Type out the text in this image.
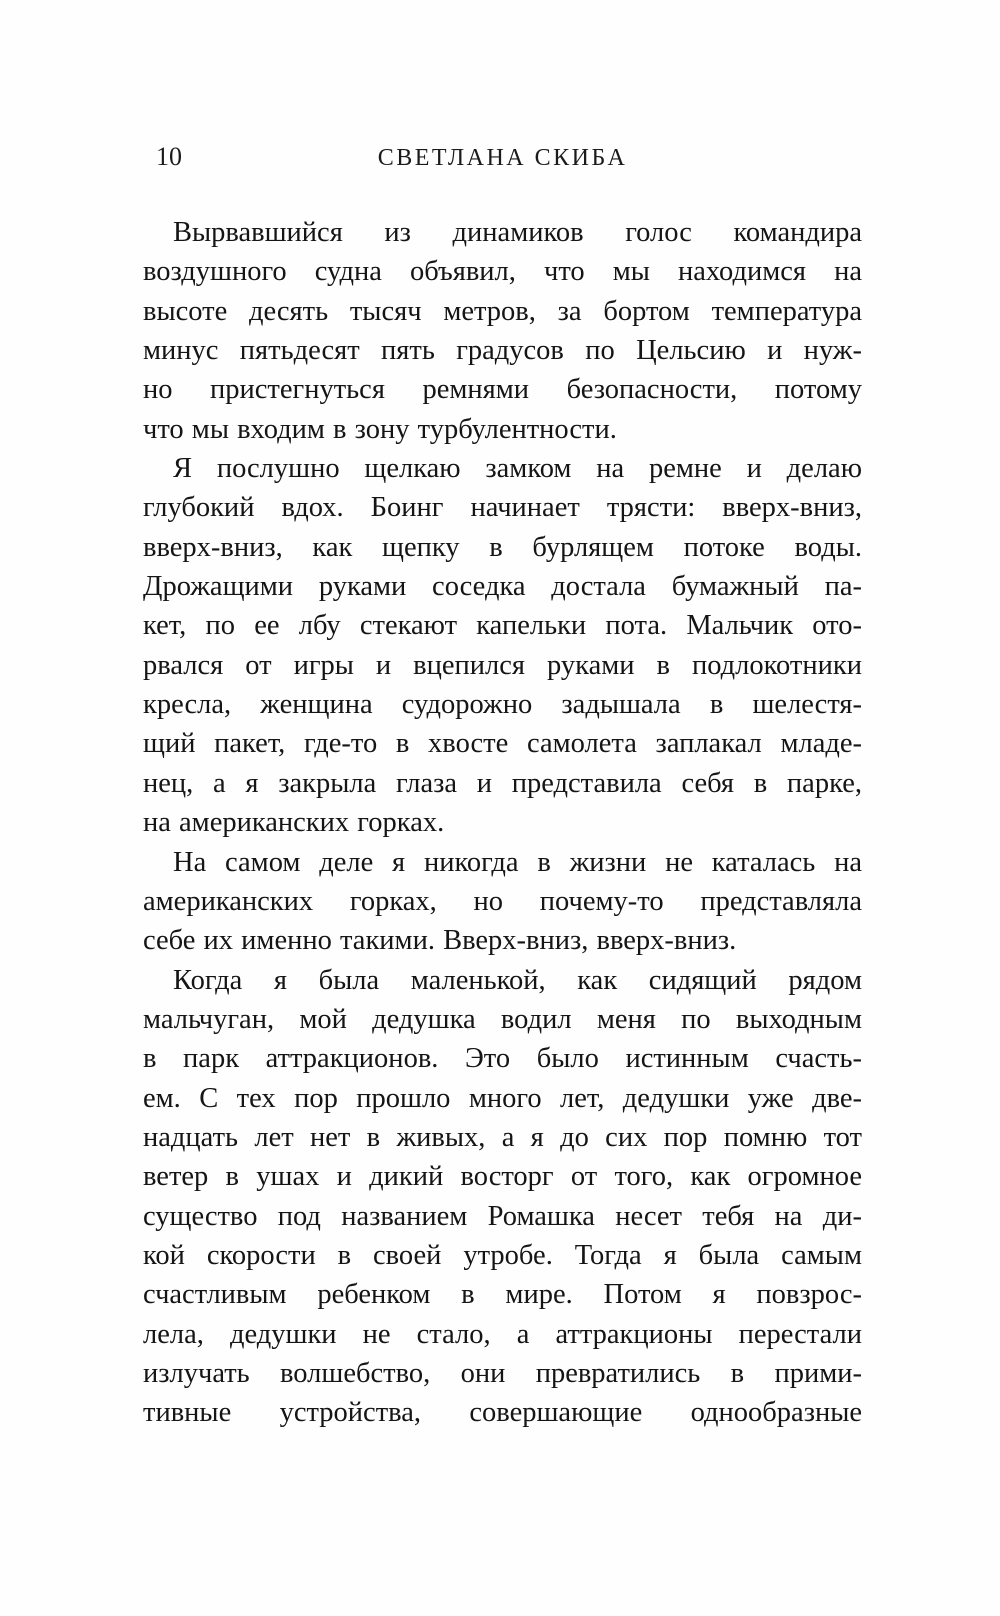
10	СВЕТЛАНА СКИБА
Вырвавшийся из динамиков голос командира
воздушного судна объявил, что мы находимся на
высоте десять тысяч метров, за бортом температура
минус пятьдесят пять градусов по Цельсию и нуж-
но пристегнуться ремнями безопасности, потому
что мы входим в зону турбулентности.
Я послушно щелкаю замком на ремне и делаю
глубокий вдох. Боинг начинает трясти: вверх-вниз,
вверх-вниз, как щепку в бурлящем потоке воды.
Дрожащими руками соседка достала бумажный па-
кет, по ее лбу стекают капельки пота. Мальчик ото-
рвался от игры и вцепился руками в подлокотники
кресла, женщина судорожно задышала в шелестя-
щий пакет, где-то в хвосте самолета заплакал младе-
нец, а я закрыла глаза и представила себя в парке,
на американских горках.
На самом деле я никогда в жизни не каталась на
американских горках, но почему-то представляла
себе их именно такими. Вверх-вниз, вверх-вниз.
Когда я была маленькой, как сидящий рядом
мальчуган, мой дедушка водил меня по выходным
в парк аттракционов. Это было истинным счасть-
ем. С тех пор прошло много лет, дедушки уже две-
надцать лет нет в живых, а я до сих пор помню тот
ветер в ушах и дикий восторг от того, как огромное
существо под названием Ромашка несет тебя на ди-
кой скорости в своей утробе. Тогда я была самым
счастливым ребенком в мире. Потом я повзрос-
лела, дедушки не стало, а аттракционы перестали
излучать волшебство, они превратились в прими-
тивные устройства, совершающие однообразные
